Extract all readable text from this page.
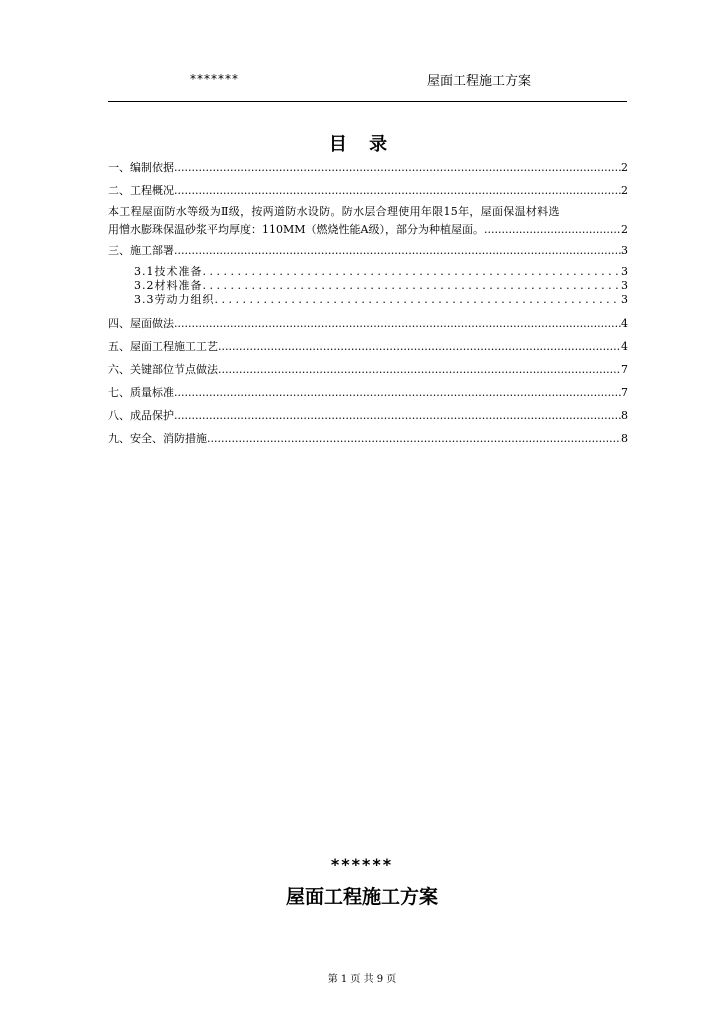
*******	屋面工程施工方案
目 录
一、编制依据 .....	2
二、工程概况 .....	2
本工程屋面防水等级为Ⅱ级，按两道防水设防。防水层合理使用年限15年，屋面保温材料选
用憎水膨珠保温砂浆平均厚度：110MM（燃烧性能A级），部分为种植屋面。 .....	2
三、施工部署 .....	3
3.1技术准备 . . .	3
3.2材料准备 . . .	3
3.3劳动力组织 . . .	3
四、屋面做法 .....	4
五、屋面工程施工工艺 .....	4
六、关键部位节点做法 .....	7
七、质量标准 .....	7
八、成品保护 .....	8
九、安全、消防措施 .....	8
******
屋面工程施工方案
第 1 页 共 9 页
